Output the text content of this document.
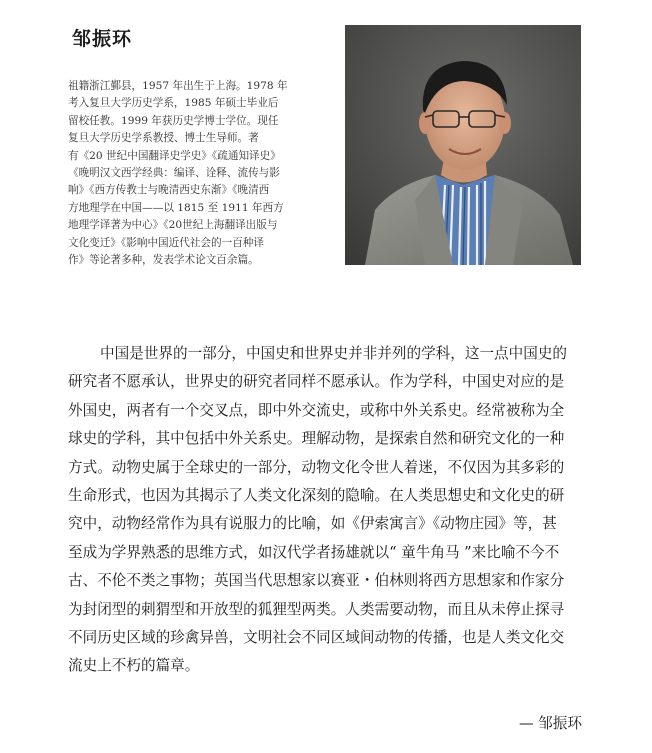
邹振环
祖籍浙江鄞县，1957 年出生于上海。1978 年
考入复旦大学历史学系，1985 年硕士毕业后
留校任教。1999 年获历史学博士学位。现任
复旦大学历史学系教授、博士生导师。著
有《20 世纪中国翻译史学史》《疏通知译史》
《晚明汉文西学经典：编译、诠释、流传与影
响》《西方传教士与晚清西史东渐》《晚清西
方地理学在中国——以 1815 至 1911 年西方
地理学译著为中心》《20世纪上海翻译出版与
文化变迁》《影响中国近代社会的一百种译
作》等论著多种，发表学术论文百余篇。
中国是世界的一部分，中国史和世界史并非并列的学科，这一点中国史的
研究者不愿承认，世界史的研究者同样不愿承认。作为学科，中国史对应的是
外国史，两者有一个交叉点，即中外交流史，或称中外关系史。经常被称为全
球史的学科，其中包括中外关系史。理解动物，是探索自然和研究文化的一种
方式。动物史属于全球史的一部分，动物文化令世人着迷，不仅因为其多彩的
生命形式，也因为其揭示了人类文化深刻的隐喻。在人类思想史和文化史的研
究中，动物经常作为具有说服力的比喻，如《伊索寓言》《动物庄园》等，甚
至成为学界熟悉的思维方式，如汉代学者扬雄就以“ 童牛角马 ”来比喻不今不
古、不伦不类之事物；英国当代思想家以赛亚・伯林则将西方思想家和作家分
为封闭型的刺猬型和开放型的狐狸型两类。人类需要动物，而且从未停止探寻
不同历史区域的珍禽异兽，文明社会不同区域间动物的传播，也是人类文化交
流史上不朽的篇章。
— 邹振环
